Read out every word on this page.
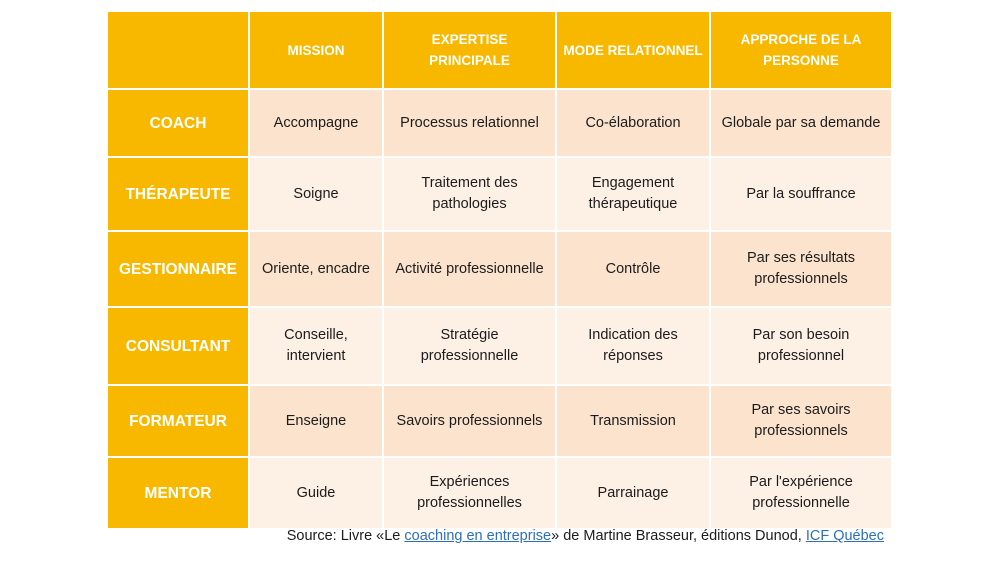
	MISSION	EXPERTISE PRINCIPALE	MODE RELATIONNEL	APPROCHE DE LA PERSONNE
COACH	Accompagne	Processus relationnel	Co-élaboration	Globale par sa demande
THÉRAPEUTE	Soigne	Traitement des pathologies	Engagement thérapeutique	Par la souffrance
GESTIONNAIRE	Oriente, encadre	Activité professionnelle	Contrôle	Par ses résultats professionnels
CONSULTANT	Conseille, intervient	Stratégie professionnelle	Indication des réponses	Par son besoin professionnel
FORMATEUR	Enseigne	Savoirs professionnels	Transmission	Par ses savoirs professionnels
MENTOR	Guide	Expériences professionnelles	Parrainage	Par l'expérience professionnelle
Source: Livre «Le coaching en entreprise» de Martine Brasseur, éditions Dunod, ICF Québec
